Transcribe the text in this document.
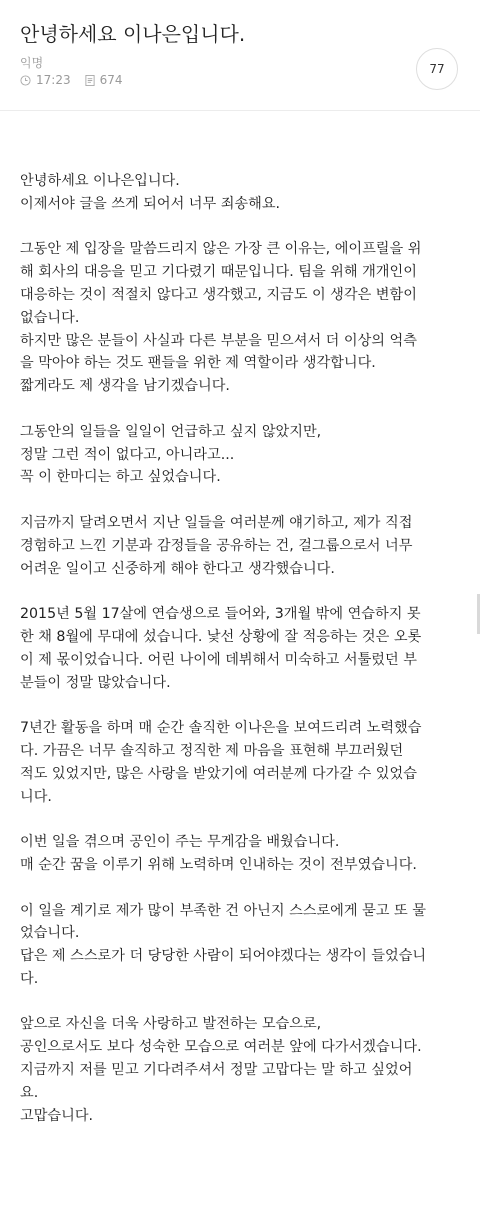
안녕하세요 이나은입니다.
익명
17:23 674
77
안녕하세요 이나은입니다.
이제서야 글을 쓰게 되어서 너무 죄송해요.
그동안 제 입장을 말씀드리지 않은 가장 큰 이유는, 에이프릴을 위
해 회사의 대응을 믿고 기다렸기 때문입니다. 팀을 위해 개개인이
대응하는 것이 적절치 않다고 생각했고, 지금도 이 생각은 변함이
없습니다.
하지만 많은 분들이 사실과 다른 부분을 믿으셔서 더 이상의 억측
을 막아야 하는 것도 팬들을 위한 제 역할이라 생각합니다.
짧게라도 제 생각을 남기겠습니다.
그동안의 일들을 일일이 언급하고 싶지 않았지만,
정말 그런 적이 없다고, 아니라고...
꼭 이 한마디는 하고 싶었습니다.
지금까지 달려오면서 지난 일들을 여러분께 얘기하고, 제가 직접
경험하고 느낀 기분과 감정들을 공유하는 건, 걸그룹으로서 너무
어려운 일이고 신중하게 해야 한다고 생각했습니다.
2015년 5월 17살에 연습생으로 들어와, 3개월 밖에 연습하지 못
한 채 8월에 무대에 섰습니다. 낯선 상황에 잘 적응하는 것은 오롯
이 제 몫이었습니다. 어린 나이에 데뷔해서 미숙하고 서툴렀던 부
분들이 정말 많았습니다.
7년간 활동을 하며 매 순간 솔직한 이나은을 보여드리려 노력했습
다. 가끔은 너무 솔직하고 정직한 제 마음을 표현해 부끄러웠던
적도 있었지만, 많은 사랑을 받았기에 여러분께 다가갈 수 있었습
니다.
이번 일을 겪으며 공인이 주는 무게감을 배웠습니다.
매 순간 꿈을 이루기 위해 노력하며 인내하는 것이 전부였습니다.
이 일을 계기로 제가 많이 부족한 건 아닌지 스스로에게 묻고 또 물
었습니다.
답은 제 스스로가 더 당당한 사람이 되어야겠다는 생각이 들었습니
다.
앞으로 자신을 더욱 사랑하고 발전하는 모습으로,
공인으로서도 보다 성숙한 모습으로 여러분 앞에 다가서겠습니다.
지금까지 저를 믿고 기다려주셔서 정말 고맙다는 말 하고 싶었어
요.
고맙습니다.
